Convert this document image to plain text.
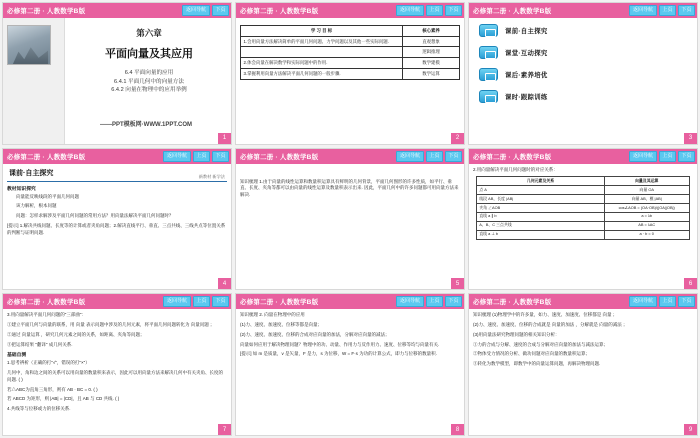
必修第二册 · 人教数学B版	返回导航	下页
第六章
平面向量及其应用
6.4 平面向量的应用
6.4.1 平面几何中的向量方法
6.4.2 向量在物理中的应用举例
——PPT模板网·WWW.1PPT.COM
1
必修第二册 · 人教数学B版	返回导航	上页	下页
学 习 目 标	核心素养
1.会用向量方法解决简单的平面几何问题、力学问题以及其他一些实际问题.	直观想象
	逻辑推理
2.体会向量在解决数学和实际问题中的作用.	数学建模
3.掌握利用向量方法解决平面几何问题的一般步骤.	数学运算
2
必修第二册 · 人教数学B版	返回导航	上页	下页
课前·自主探究
课堂·互动探究
课后·素养培优
课时·跟踪训练
3
必修第二册 · 人教数学B版	返回导航	上页	下页
课前·自主探究	新教材 新学法
教材知识探究
向量能反映线段的平面几何问题
该力解析，根本问题
问题：怎样求解涉及平面几何问题的常用方法？用向量法解决平面几何问题时？
[提示] 1.解决共线问题、长度等的计算或者夹角问题；2.解决直线平行、垂直、三点共线、三线共点等位置关系的判断与证明问题.
4
必修第二册 · 人教数学B版	返回导航	上页	下页
知识梳理 1.由于向量的线性运算和数量积运算具有鲜明的几何背景，平面几何图形的许多性质，如平行、垂直、长度、夹角等都可以由向量的线性运算及数量积表示出来. 因此，平面几何中的许多问题都可用向量方法来解决.
5
必修第二册 · 人教数学B版	返回导航	上页	下页
2.用向量解决平面几何问题时的对应关系：
几何元素及关系	向量及其运算
点 A	向量 OA
线段 AB，长度 |AB|	向量 AB，模 |AB|
夹角 ∠AOB	cos∠AOB = (OA·OB)/(|OA||OB|)
直线 a ∥ b	a = λb
A、B、C 三点共线	AB = λAC
直线 a ⊥ b	a · b = 0
6
必修第二册 · 人教数学B版	返回导航	上页	下页
3.用向量解决平面几何问题的"三部曲"：
①建立平面几何与向量的联系，用 向量 表示问题中涉及的几何元素，将平面几何问题转化为 向量问题 ；
②通过 向量运算 ，研究几何元素之间的关系，如距离、夹角等问题；
③把运算结果 "翻译" 成几何关系.
基础自测
1.思考辨析（正确的打"√"，错误的打"×"）
几何中，角和边之间的关系可以用向量的数量积来表示，因此可以用向量方法来解决几何中有关夹角、长度的问题. ( )
若△ABC为直角三角形，则有 AB · BC = 0. ( )
若 ABCD 为矩形，则 |AB| = |CD|，且 AB 与 CD 共线. ( )
4.共线等与位移或力的位移关系.
7
必修第二册 · 人教数学B版	返回导航	上页	下页
知识梳理 2. 向量在物理中的应用
(1)力、速度、加速度、位移等都是向量；
(2)力、速度、加速度、位移的合成对应向量的加法，分解对应向量的减法；
向量如何应用于解决物理问题？物理中的功、动量、作用力与反作用力、速度、位移等均与向量有关.
[提示] 如 m 是质量，v 是矢量，F 是力，s 为位移，W = F·s 为功的计算公式，即力与位移的数量积.
8
必修第二册 · 人教数学B版	返回导航	上页	下页
知识梳理 (1)物理学中的许多量，如力、速度、加速度、位移都是 向量 ；
(2)力、速度、加速度、位移的合成就是 向量的加法 ，分解就是 向量的减法 ；
(3)用向量法研究物理问题的相关知识分析：
①力的合成与分解、速度的合成与分解对应向量的加法与减法运算；
②物体受力情况的分析、做功问题对应向量的数量积运算；
③转化为数学模型，即数学中的向量运算问题，再解决物理问题.
9
